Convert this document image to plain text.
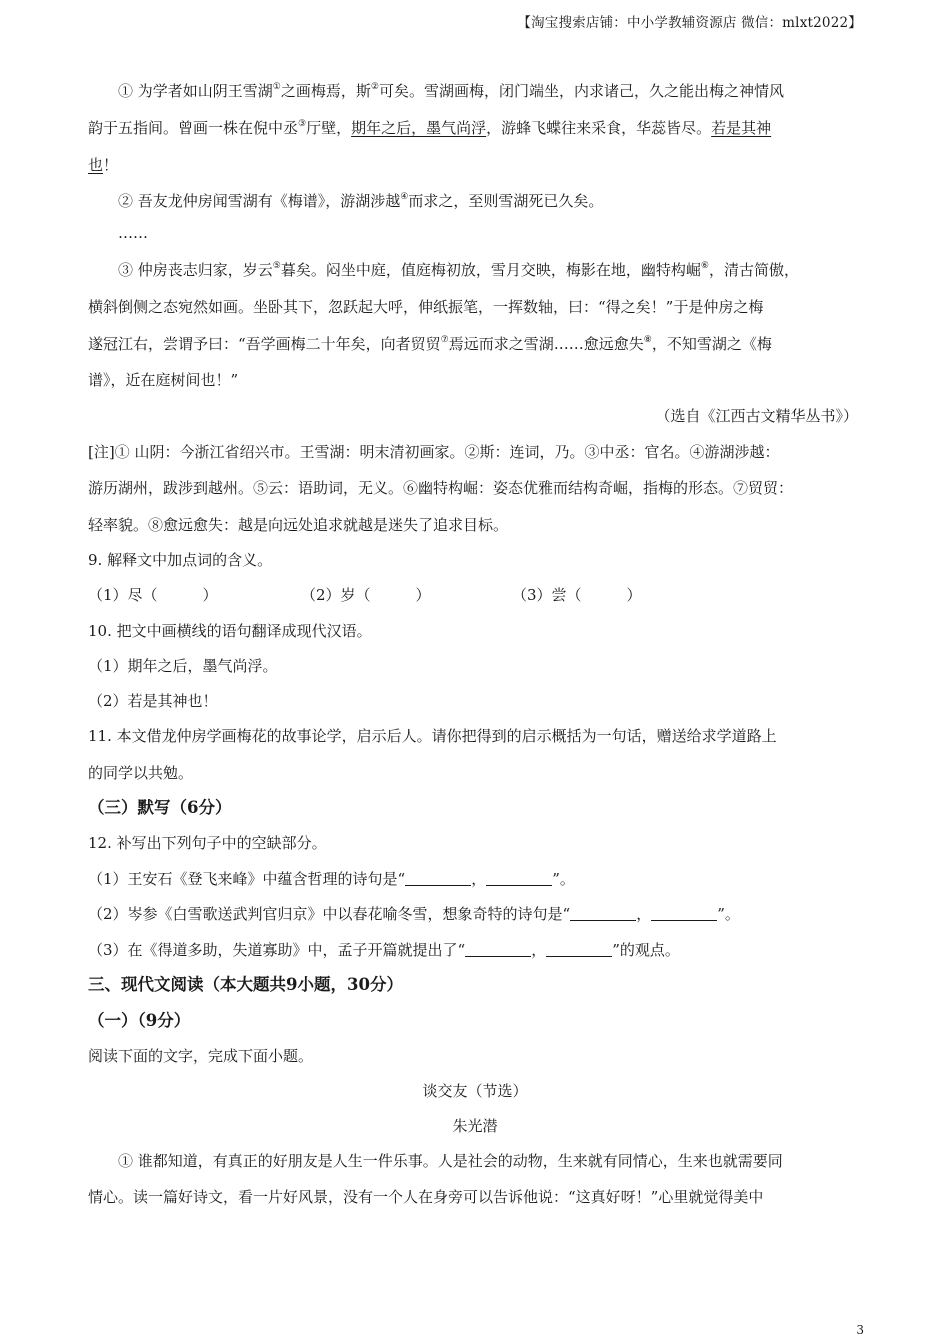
【淘宝搜索店铺：中小学教辅资源店 微信：mlxt2022】
① 为学者如山阴王雪湖①之画梅焉，斯②可矣。雪湖画梅，闭门端坐，内求诸己，久之能出梅之神情风
韵于五指间。曾画一株在倪中丞③厅壁，期年之后，墨气尚浮，游蜂飞蝶往来采食，华蕊皆尽。若是其神
也！
② 吾友龙仲房闻雪湖有《梅谱》，游湖涉越④而求之，至则雪湖死已久矣。
……
③ 仲房丧志归家，岁云⑤暮矣。闷坐中庭，值庭梅初放，雪月交映，梅影在地，幽特构崛⑥，清古简傲，
横斜倒侧之态宛然如画。坐卧其下，忽跃起大呼，伸纸振笔，一挥数轴，曰：“得之矣！”于是仲房之梅
遂冠江右，尝谓予曰：“吾学画梅二十年矣，向者贸贸⑦焉远而求之雪湖……愈远愈失⑧，不知雪湖之《梅
谱》，近在庭树间也！”
（选自《江西古文精华丛书》）
[注]① 山阴：今浙江省绍兴市。王雪湖：明末清初画家。②斯：连词，乃。③中丞：官名。④游湖涉越：
游历湖州，跋涉到越州。⑤云：语助词，无义。⑥幽特构崛：姿态优雅而结构奇崛，指梅的形态。⑦贸贸：
轻率貌。⑧愈远愈失：越是向远处追求就越是迷失了追求目标。
9. 解释文中加点词的含义。
（1）尽（　　　）	（2）岁（　　　）	（3）尝（　　　）
10. 把文中画横线的语句翻译成现代汉语。
（1）期年之后，墨气尚浮。
（2）若是其神也！
11. 本文借龙仲房学画梅花的故事论学，启示后人。请你把得到的启示概括为一句话，赠送给求学道路上
的同学以共勉。
（三）默写（6分）
12. 补写出下列句子中的空缺部分。
（1）王安石《登飞来峰》中蕴含哲理的诗句是“	，	”。
（2）岑参《白雪歌送武判官归京》中以春花喻冬雪，想象奇特的诗句是“	，	”。
（3）在《得道多助，失道寡助》中，孟子开篇就提出了“	，	”的观点。
三、现代文阅读（本大题共9小题，30分）
（一）（9分）
阅读下面的文字，完成下面小题。
谈交友（节选）
朱光潜
① 谁都知道，有真正的好朋友是人生一件乐事。人是社会的动物，生来就有同情心，生来也就需要同
情心。读一篇好诗文，看一片好风景，没有一个人在身旁可以告诉他说：“这真好呀！”心里就觉得美中
3
